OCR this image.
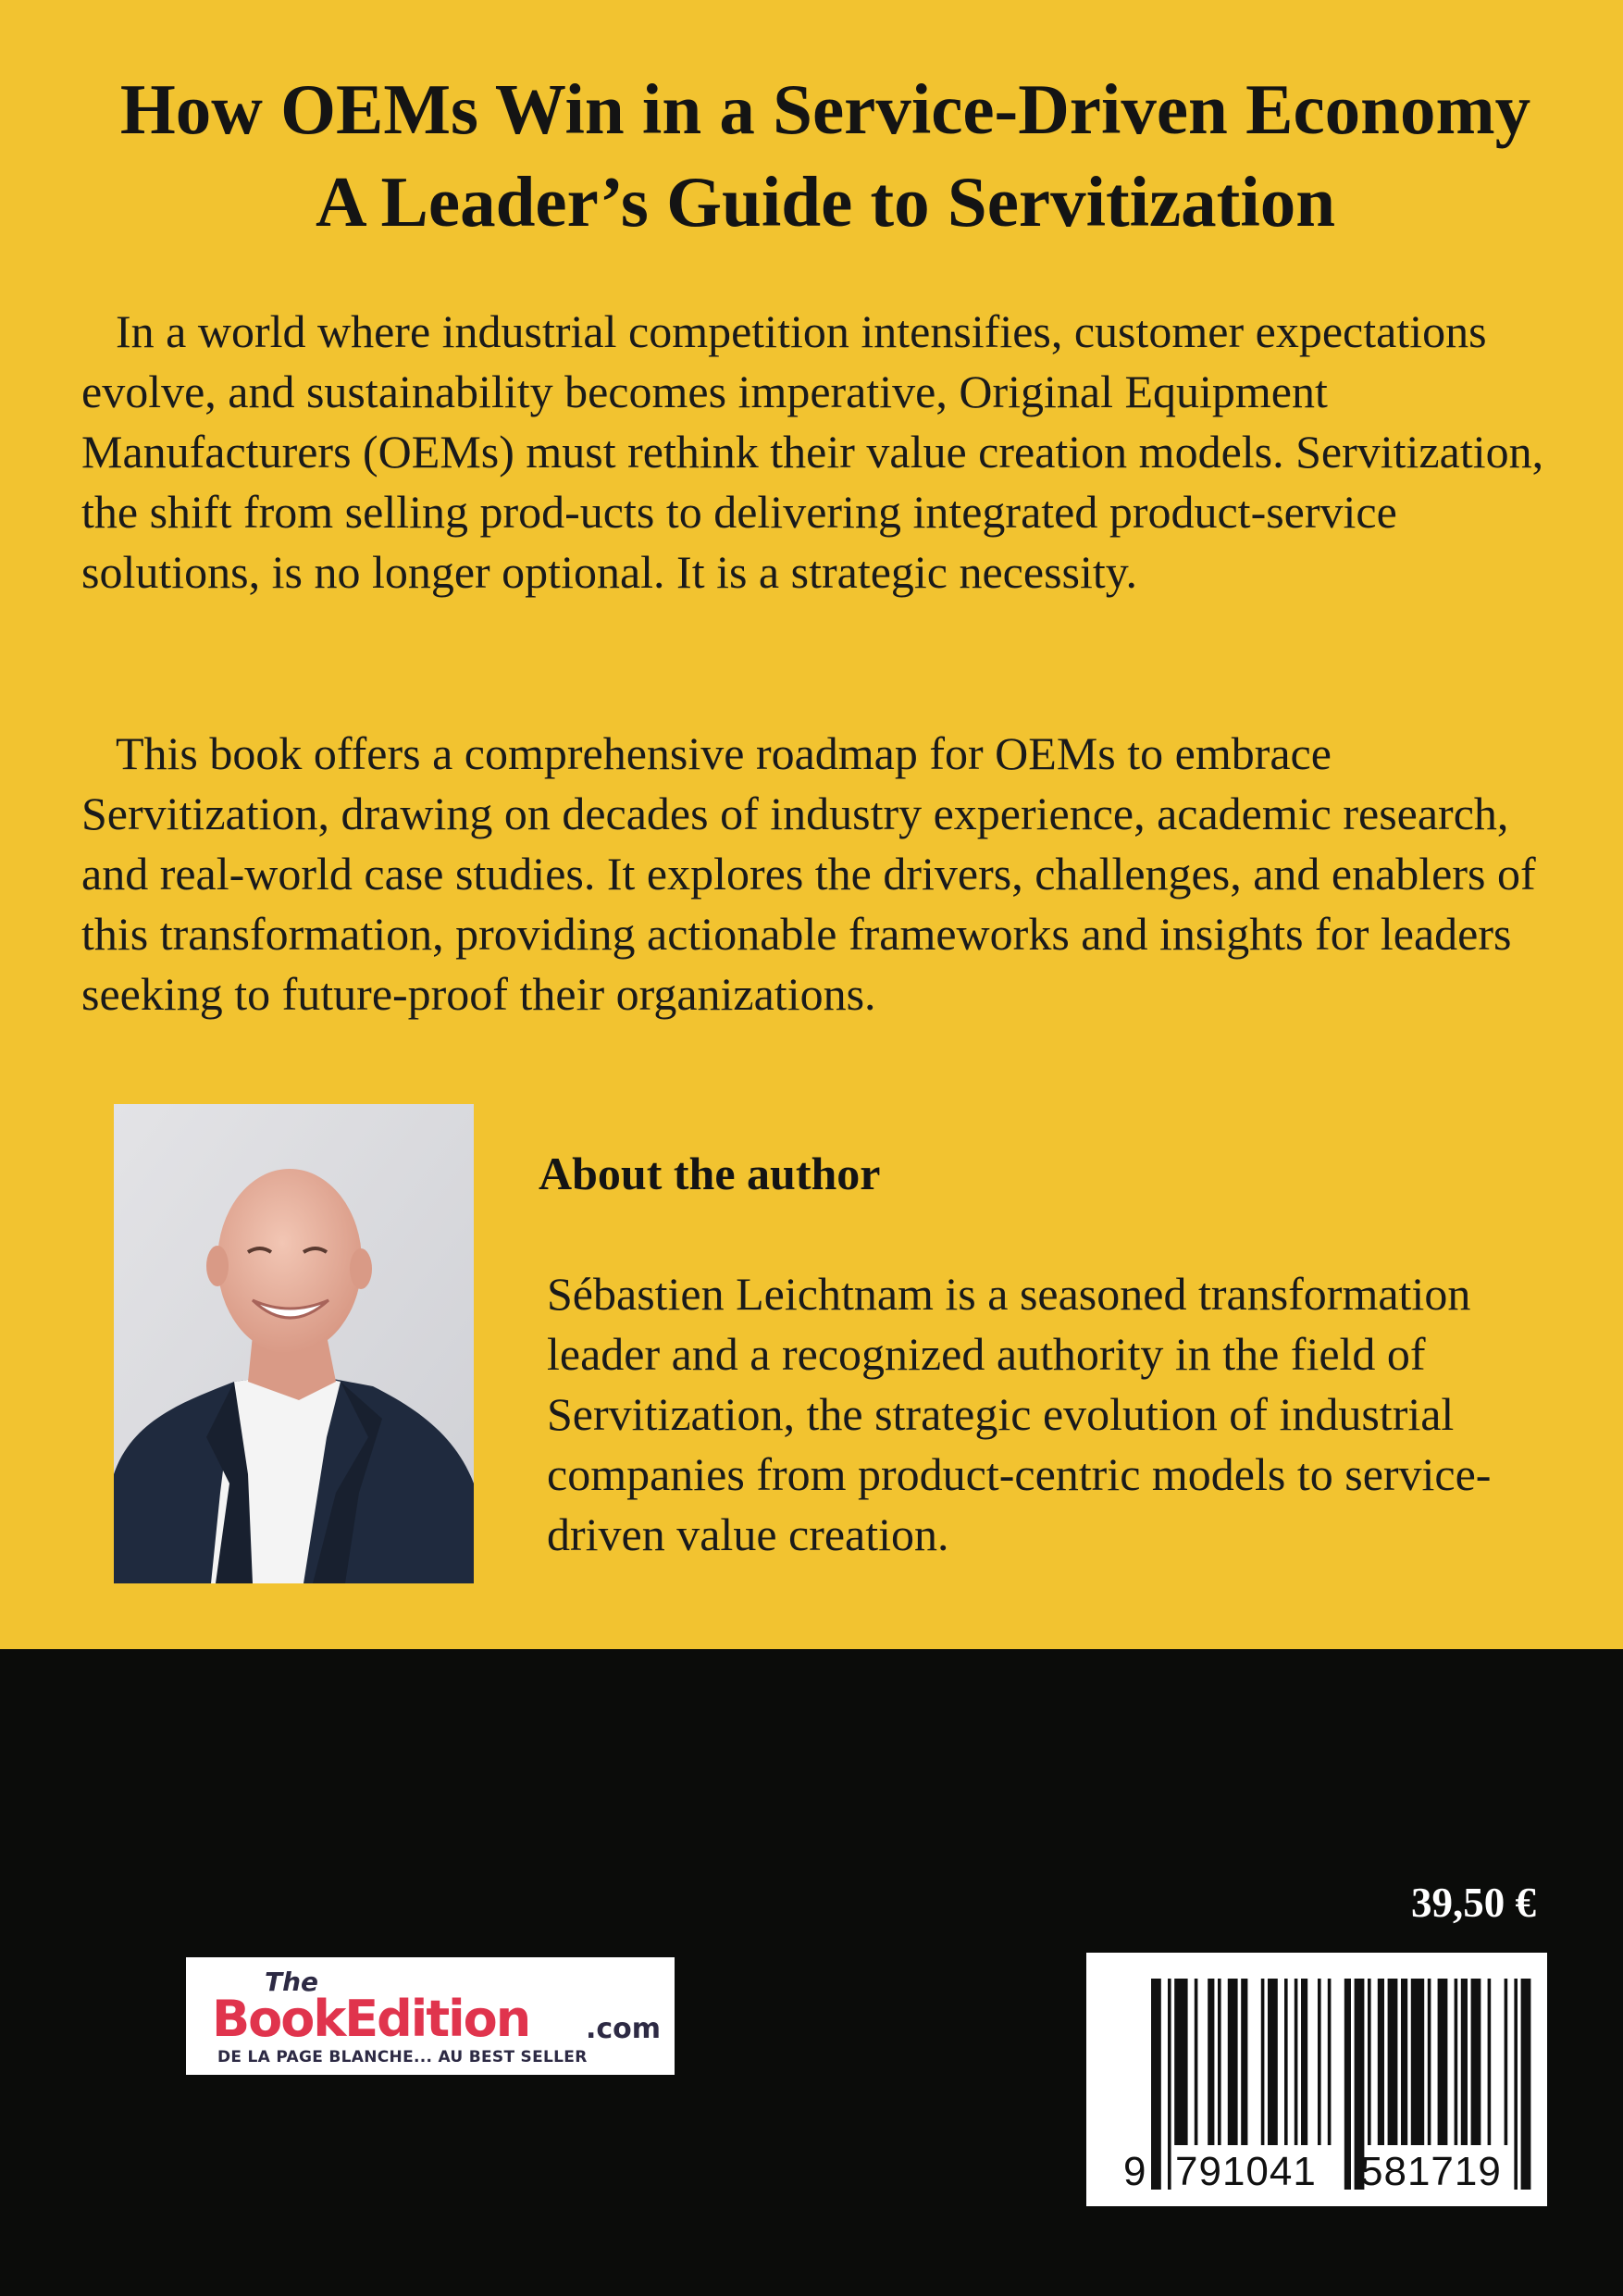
How OEMs Win in a Service-Driven Economy
A Leader’s Guide to Servitization

In a world where industrial competition intensifies, customer expectations evolve, and sustainability becomes imperative, Original Equipment Manufacturers (OEMs) must rethink their value creation models. Servitization, the shift from selling prod-ucts to delivering integrated product-service solutions, is no longer optional. It is a strategic necessity.

This book offers a comprehensive roadmap for OEMs to embrace Servitization, drawing on decades of industry experience, academic research, and real-world case studies. It explores the drivers, challenges, and enablers of this transformation, providing actionable frameworks and insights for leaders seeking to future-proof their organizations.

About the author

Sébastien Leichtnam is a seasoned transformation leader and a recognized authority in the field of Servitization, the strategic evolution of industrial companies from product-centric models to service-driven value creation.

39,50 €
The
BookEdition .com
DE LA PAGE BLANCHE... AU BEST SELLER
9 791041 581719
